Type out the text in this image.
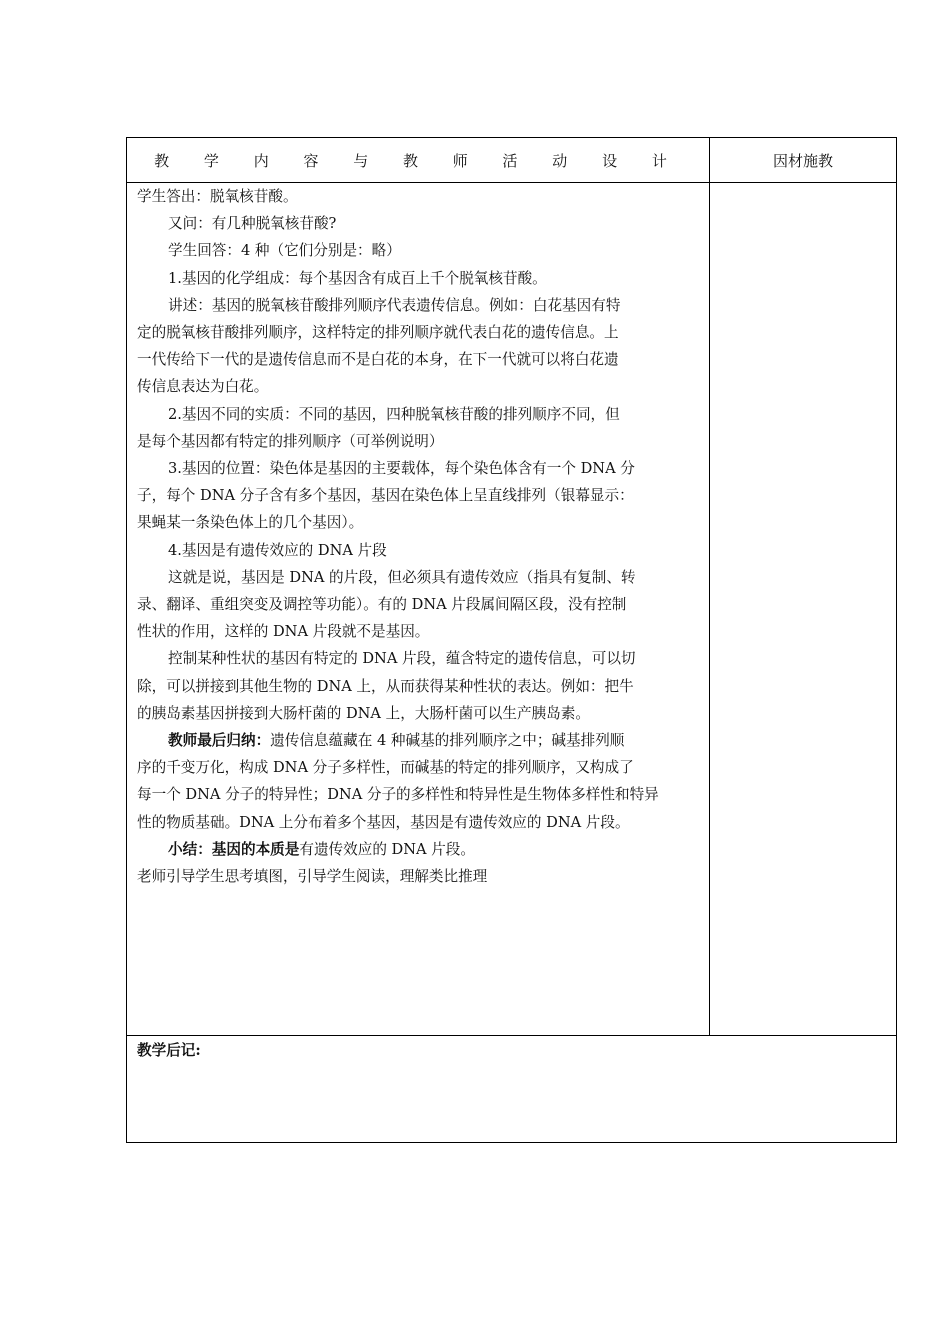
教 学 内 容 与 教 师 活 动 设 计	因材施教

学生答出：脱氧核苷酸。

又问：有几种脱氧核苷酸?

学生回答：4 种（它们分别是：略）

1.基因的化学组成：每个基因含有成百上千个脱氧核苷酸。

讲述：基因的脱氧核苷酸排列顺序代表遗传信息。例如：白花基因有特

定的脱氧核苷酸排列顺序，这样特定的排列顺序就代表白花的遗传信息。上

一代传给下一代的是遗传信息而不是白花的本身，在下一代就可以将白花遗

传信息表达为白花。

2.基因不同的实质：不同的基因，四种脱氧核苷酸的排列顺序不同，但

是每个基因都有特定的排列顺序（可举例说明）

3.基因的位置：染色体是基因的主要载体，每个染色体含有一个 DNA 分

子，每个 DNA 分子含有多个基因，基因在染色体上呈直线排列（银幕显示：

果蝇某一条染色体上的几个基因）。

4.基因是有遗传效应的 DNA 片段

这就是说，基因是 DNA 的片段，但必须具有遗传效应（指具有复制、转

录、翻译、重组突变及调控等功能）。有的 DNA 片段属间隔区段，没有控制

性状的作用，这样的 DNA 片段就不是基因。

控制某种性状的基因有特定的 DNA 片段，蕴含特定的遗传信息，可以切

除，可以拼接到其他生物的 DNA 上，从而获得某种性状的表达。例如：把牛

的胰岛素基因拼接到大肠杆菌的 DNA 上，大肠杆菌可以生产胰岛素。

教师最后归纳：遗传信息蕴藏在 4 种碱基的排列顺序之中；碱基排列顺

序的千变万化，构成 DNA 分子多样性，而碱基的特定的排列顺序，又构成了

每一个 DNA 分子的特异性；DNA 分子的多样性和特异性是生物体多样性和特异

性的物质基础。DNA 上分布着多个基因，基因是有遗传效应的 DNA 片段。

小结：基因的本质是有遗传效应的 DNA 片段。

老师引导学生思考填图，引导学生阅读，理解类比推理

教学后记:
